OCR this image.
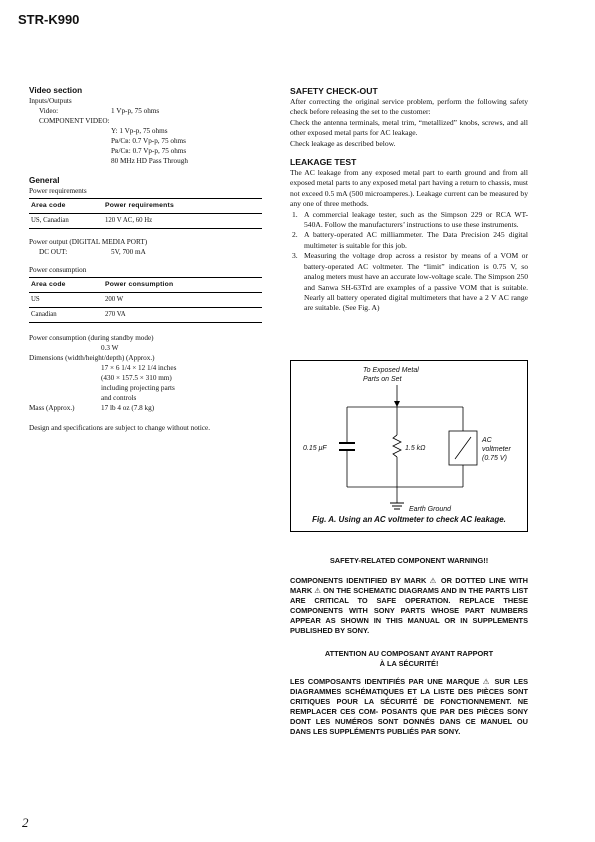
STR-K990
Video section
Inputs/Outputs
Video:	1 Vp-p, 75 ohms
COMPONENT VIDEO:
Y: 1 Vp-p, 75 ohms
Pʙ/Cʙ: 0.7 Vp-p, 75 ohms
Pʀ/Cʀ: 0.7 Vp-p, 75 ohms
80 MHz HD Pass Through
General
Power requirements
Area code	Power requirements
US, Canadian	120 V AC, 60 Hz
Power output (DIGITAL MEDIA PORT)
DC OUT:	5V, 700 mA
Power consumption
Area code	Power consumption
US	200 W
Canadian	270 VA
Power consumption (during standby mode)
0.3 W
Dimensions (width/height/depth) (Approx.)
17 × 6 1/4 × 12 1/4 inches
(430 × 157.5 × 310 mm)
including projecting parts
and controls
Mass (Approx.)	17 lb 4 oz (7.8 kg)
Design and specifications are subject to change without notice.
SAFETY CHECK-OUT
After correcting the original service problem, perform the following safety check before releasing the set to the customer:
Check the antenna terminals, metal trim, “metallized” knobs, screws, and all other exposed metal parts for AC leakage.
Check leakage as described below.
LEAKAGE TEST
The AC leakage from any exposed metal part to earth ground and from all exposed metal parts to any exposed metal part having a return to chassis, must not exceed 0.5 mA (500 microamperes.). Leakage current can be measured by any one of three methods.
1. A commercial leakage tester, such as the Simpson 229 or RCA WT-540A. Follow the manufacturers’ instructions to use these instruments.
2. A battery-operated AC milliammeter. The Data Precision 245 digital multimeter is suitable for this job.
3. Measuring the voltage drop across a resistor by means of a VOM or battery-operated AC voltmeter. The “limit” indication is 0.75 V, so analog meters must have an accurate low-voltage scale. The Simpson 250 and Sanwa SH-63Trd are examples of a passive VOM that is suitable. Nearly all battery operated digital multimeters that have a 2 V AC range are suitable. (See Fig. A)
To Exposed Metal
Parts on Set
0.15 μF	1.5 kΩ
AC
voltmeter
(0.75 V)
Earth Ground
Fig. A. Using an AC voltmeter to check AC leakage.
SAFETY-RELATED COMPONENT WARNING!!
COMPONENTS IDENTIFIED BY MARK ⚠ OR DOTTED LINE WITH MARK ⚠ ON THE SCHEMATIC DIAGRAMS AND IN THE PARTS LIST ARE CRITICAL TO SAFE OPERATION. REPLACE THESE COMPONENTS WITH SONY PARTS WHOSE PART NUMBERS APPEAR AS SHOWN IN THIS MANUAL OR IN SUPPLEMENTS PUBLISHED BY SONY.
ATTENTION AU COMPOSANT AYANT RAPPORT
À LA SÉCURITÉ!
LES COMPOSANTS IDENTIFIÉS PAR UNE MARQUE ⚠ SUR LES DIAGRAMMES SCHÉMATIQUES ET LA LISTE DES PIÈCES SONT CRITIQUES POUR LA SÉCURITÉ DE FONCTIONNEMENT. NE REMPLACER CES COM- POSANTS QUE PAR DES PIÈCES SONY DONT LES NUMÉROS SONT DONNÉS DANS CE MANUEL OU DANS LES SUPPLÉMENTS PUBLIÉS PAR SONY.
2
